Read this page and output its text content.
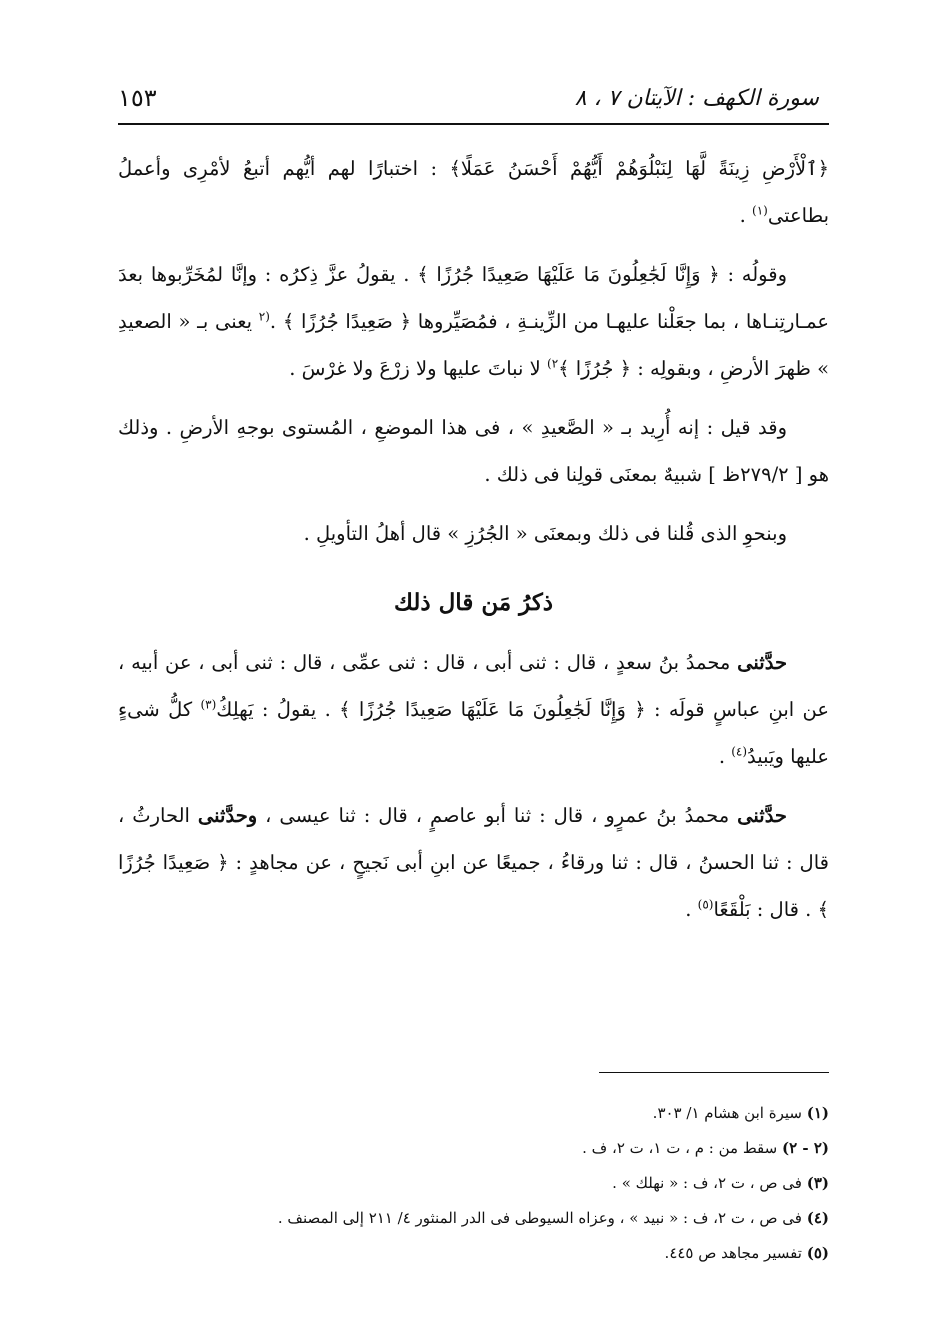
١٥٣	سورة الكهف : الآيتان ٧ ، ٨

﴿ٱلْأَرْضِ زِينَةً لَّهَا لِنَبْلُوَهُمْ أَيُّهُمْ أَحْسَنُ عَمَلًا﴾ : اختبارًا لهم أيُّهم أتبعُ لأمْرِى وأعملُ بطاعتى$^{(١)}$ .

وقولُه : ﴿ وَإِنَّا لَجَٰعِلُونَ مَا عَلَيْهَا صَعِيدًا جُرُزًا ﴾ . يقولُ عزَّ ذِكرُه : وإنَّا لمُخَرِّبوها بعدَ عمـارتِنـاها ، بما جعَلْنا عليهـا من الزِّينـةِ ، فمُصَيِّروها ﴿ صَعِيدًا جُرُزًا ﴾ .$^{(٢}$ يعنى بـ « الصعيدِ » ظهرَ الأرضِ ، وبقولِه : ﴿ جُرُزًا ﴾$^{٢)}$ لا نباتَ عليها ولا زرْعَ ولا غرْسَ .

وقد قيل : إنه أُرِيد بـ « الصَّعيدِ » ، فى هذا الموضعِ ، المُستوى بوجهِ الأرضِ . وذلك هو [ ٢٧٩/٢ظ ] شبيهٌ بمعنَى قولِنا فى ذلك .

وبنحوِ الذى قُلنا فى ذلك وبمعنَى « الجُرُزِ » قال أهلُ التأويلِ .

ذكرُ مَن قال ذلك

حدَّثنى محمدُ بنُ سعدٍ ، قال : ثنى أبى ، قال : ثنى عمِّى ، قال : ثنى أبى ، عن أبيه ، عن ابنِ عباسٍ قولَه : ﴿ وَإِنَّا لَجَٰعِلُونَ مَا عَلَيْهَا صَعِيدًا جُرُزًا ﴾ . يقولُ : يَهلِكُ$^{(٣)}$ كلُّ شىءٍ عليها ويَبيدُ$^{(٤)}$ .

حدَّثنى محمدُ بنُ عمرٍو ، قال : ثنا أبو عاصمٍ ، قال : ثنا عيسى ، وحدَّثنى الحارثُ ، قال : ثنا الحسنُ ، قال : ثنا ورقاءُ ، جميعًا عن ابنِ أبى نَجيحٍ ، عن مجاهدٍ : ﴿ صَعِيدًا جُرُزًا ﴾ . قال : بَلْقَعًا$^{(٥)}$ .

(١) سيرة ابن هشام ١/ ٣٠٣.
(٢ - ٢) سقط من : م ، ت ١، ت ٢، ف .
(٣) فى ص ، ت ٢، ف : « نهلك » .
(٤) فى ص ، ت ٢، ف : « نبيد » ، وعزاه السيوطى فى الدر المنثور ٤/ ٢١١ إلى المصنف .
(٥) تفسير مجاهد ص ٤٤٥.
